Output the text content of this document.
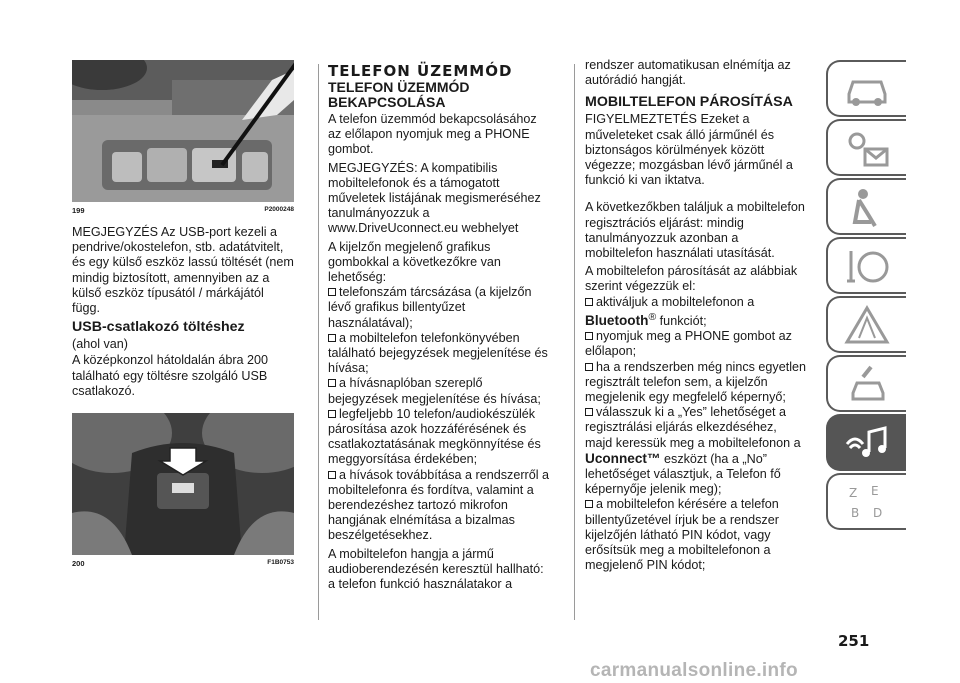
199	P2000248

MEGJEGYZÉS Az USB-port kezeli a pendrive/okostelefon, stb. adatátvitelt, és egy külső eszköz lassú töltését (nem mindig biztosított, amennyiben az a külső eszköz típusától / márkájától függ.

USB-csatlakozó töltéshez

(ahol van)

A középkonzol hátoldalán ábra 200 található egy töltésre szolgáló USB csatlakozó.

200	F1B0753
TELEFON ÜZEMMÓD
TELEFON ÜZEMMÓD
BEKAPCSOLÁSA

A telefon üzemmód bekapcsolásához az előlapon nyomjuk meg a PHONE gombot.

MEGJEGYZÉS: A kompatibilis mobiltelefonok és a támogatott műveletek listájának megismeréséhez tanulmányozzuk a www.DriveUconnect.eu webhelyet

A kijelzőn megjelenő grafikus gombokkal a következőkre van lehetőség:

telefonszám tárcsázása (a kijelzőn lévő grafikus billentyűzet használatával);
a mobiltelefon telefonkönyvében található bejegyzések megjelenítése és hívása;
a hívásnaplóban szereplő bejegyzések megjelenítése és hívása;
legfeljebb 10 telefon/audiokészülék párosítása azok hozzáférésének és csatlakoztatásának megkönnyítése és meggyorsítása érdekében;
a hívások továbbítása a rendszerről a mobiltelefonra és fordítva, valamint a berendezéshez tartozó mikrofon hangjának elnémítása a bizalmas beszélgetésekhez.

A mobiltelefon hangja a jármű audioberendezésén keresztül hallható: a telefon funkció használatakor a

rendszer automatikusan elnémítja az autórádió hangját.

MOBILTELEFON PÁROSÍTÁSA

FIGYELMEZTETÉS Ezeket a műveleteket csak álló járműnél és biztonságos körülmények között végezze; mozgásban lévő járműnél a funkció ki van iktatva.

A következőkben találjuk a mobiltelefon regisztrációs eljárást: mindig tanulmányozzuk azonban a mobiltelefon használati utasítását.

A mobiltelefon párosítását az alábbiak szerint végezzük el:

aktiváljuk a mobiltelefonon a
Bluetooth® funkciót;
nyomjuk meg a PHONE gombot az előlapon;
ha a rendszerben még nincs egyetlen regisztrált telefon sem, a kijelzőn megjelenik egy megfelelő képernyő;
válasszuk ki a „Yes” lehetőséget a regisztrálási eljárás elkezdéséhez, majd keressük meg a mobiltelefonon a Uconnect™ eszközt (ha a „No” lehetőséget választjuk, a Telefon fő képernyője jelenik meg);
a mobiltelefon kérésére a telefon billentyűzetével írjuk be a rendszer kijelzőjén látható PIN kódot, vagy erősítsük meg a mobiltelefonon a megjelenő PIN kódot;
Z E
B D
251
carmanualsonline.info
